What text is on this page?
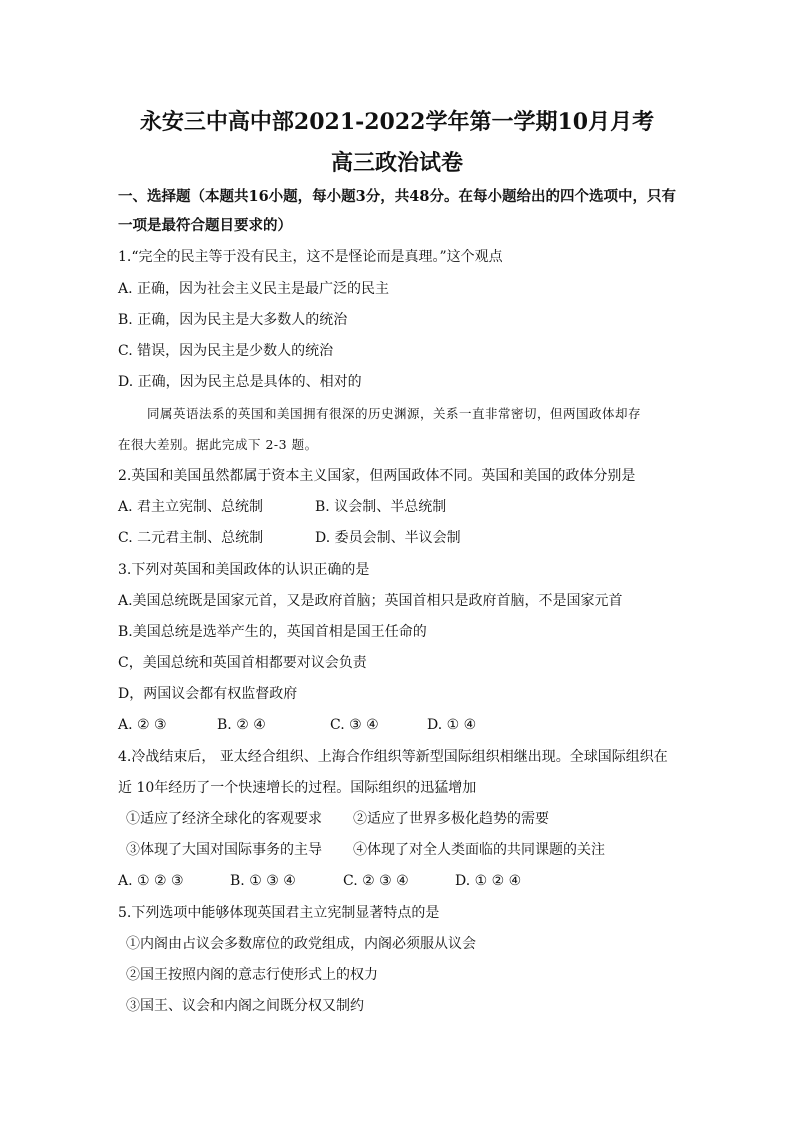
永安三中高中部2021-2022学年第一学期10月月考
高三政治试卷
一、选择题（本题共16小题，每小题3分，共48分。在每小题给出的四个选项中，只有
一项是最符合题目要求的）
1.“完全的民主等于没有民主，这不是怪论而是真理。”这个观点
A. 正确，因为社会主义民主是最广泛的民主
B. 正确，因为民主是大多数人的统治
C. 错误，因为民主是少数人的统治
D. 正确，因为民主总是具体的、相对的
同属英语法系的英国和美国拥有很深的历史渊源，关系一直非常密切，但两国政体却存
在很大差别。据此完成下 2-3 题。
2.英国和美国虽然都属于资本主义国家，但两国政体不同。英国和美国的政体分别是
A. 君主立宪制、总统制	B. 议会制、半总统制
C. 二元君主制、总统制	D. 委员会制、半议会制
3.下列对英国和美国政体的认识正确的是
A.美国总统既是国家元首，又是政府首脑；英国首相只是政府首脑，不是国家元首
B.美国总统是选举产生的，英国首相是国王任命的
C，美国总统和英国首相都要对议会负责
D，两国议会都有权监督政府
A. ② ③	B. ② ④	C. ③ ④	D. ① ④
4.冷战结束后， 亚太经合组织、上海合作组织等新型国际组织相继出现。全球国际组织在
近 10年经历了一个快速增长的过程。国际组织的迅猛增加
①适应了经济全球化的客观要求 ②适应了世界多极化趋势的需要
③体现了大国对国际事务的主导 ④体现了对全人类面临的共同课题的关注
A. ① ② ③	B. ① ③ ④	C. ② ③ ④	D. ① ② ④
5.下列选项中能够体现英国君主立宪制显著特点的是
①内阁由占议会多数席位的政党组成，内阁必须服从议会
②国王按照内阁的意志行使形式上的权力
③国王、议会和内阁之间既分权又制约
